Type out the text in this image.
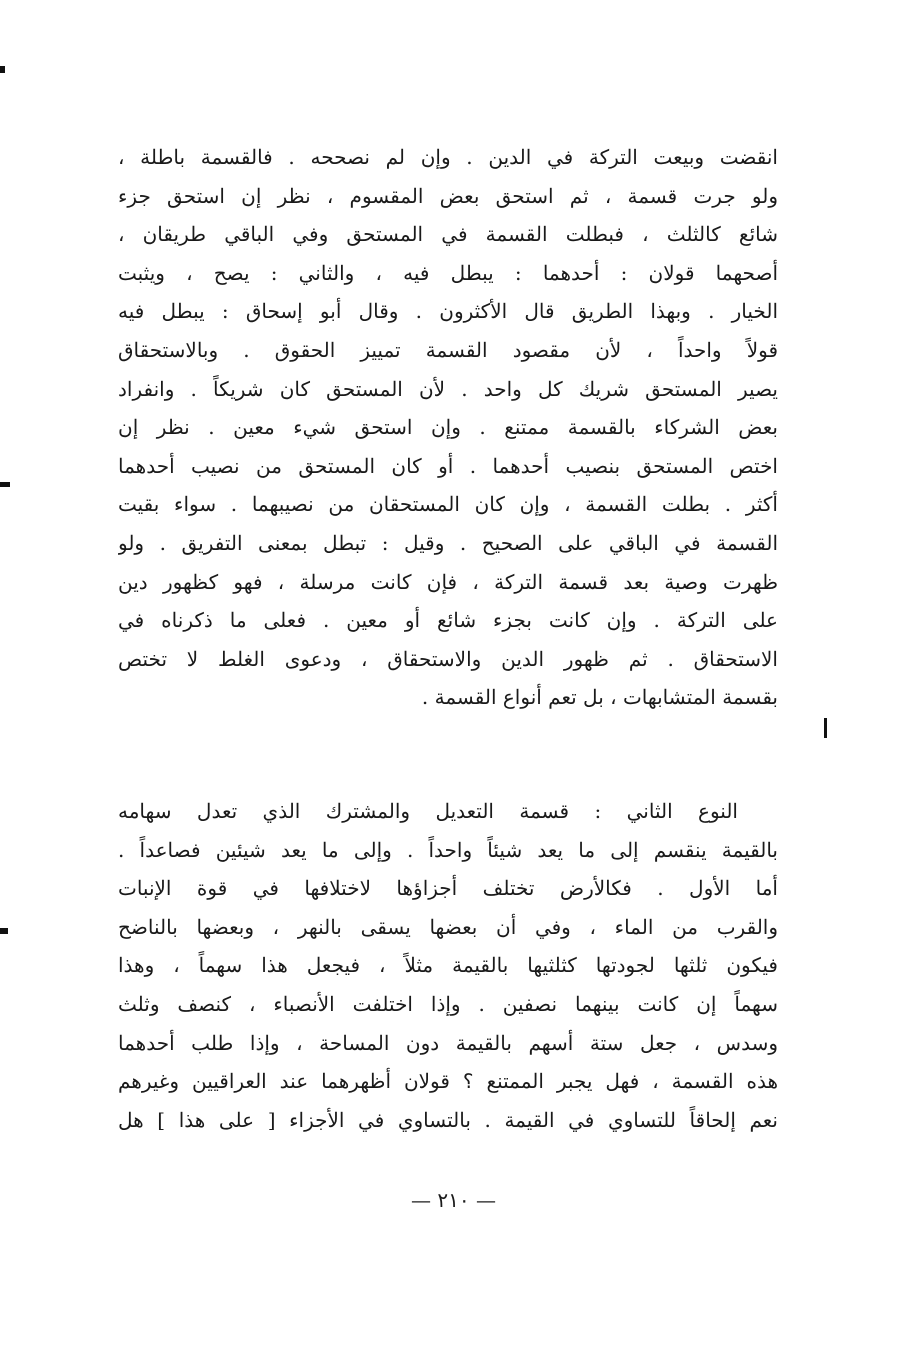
انقضت وبيعت التركة في الدين . وإن لم نصححه . فالقسمة باطلة ،
ولو جرت قسمة ، ثم استحق بعض المقسوم ، نظر إن استحق جزء
شائع كالثلث ، فبطلت القسمة في المستحق وفي الباقي طريقان ،
أصحهما قولان : أحدهما : يبطل فيه ، والثاني : يصح ، ويثبت
الخيار . وبهذا الطريق قال الأكثرون . وقال أبو إسحاق : يبطل فيه
قولاً واحداً ، لأن مقصود القسمة تمييز الحقوق . وبالاستحقاق
يصير المستحق شريك كل واحد . لأن المستحق كان شريكاً . وانفراد
بعض الشركاء بالقسمة ممتنع . وإن استحق شيء معين . نظر إن
اختص المستحق بنصيب أحدهما . أو كان المستحق من نصيب أحدهما
أكثر . بطلت القسمة ، وإن كان المستحقان من نصيبهما . سواء بقيت
القسمة في الباقي على الصحيح . وقيل : تبطل بمعنى التفريق . ولو
ظهرت وصية بعد قسمة التركة ، فإن كانت مرسلة ، فهو كظهور دين
على التركة . وإن كانت بجزء شائع أو معين . فعلى ما ذكرناه في
الاستحقاق . ثم ظهور الدين والاستحقاق ، ودعوى الغلط لا تختص
بقسمة المتشابهات ، بل تعم أنواع القسمة .
النوع الثاني : قسمة التعديل والمشترك الذي تعدل سهامه
بالقيمة ينقسم إلى ما يعد شيئاً واحداً . وإلى ما يعد شيئين فصاعداً .
أما الأول . فكالأرض تختلف أجزاؤها لاختلافها في قوة الإنبات
والقرب من الماء ، وفي أن بعضها يسقى بالنهر ، وبعضها بالناضح
فيكون ثلثها لجودتها كثلثيها بالقيمة مثلاً ، فيجعل هذا سهماً ، وهذا
سهماً إن كانت بينهما نصفين . وإذا اختلفت الأنصباء ، كنصف وثلث
وسدس ، جعل ستة أسهم بالقيمة دون المساحة ، وإذا طلب أحدهما
هذه القسمة ، فهل يجبر الممتنع ؟ قولان أظهرهما عند العراقيين وغيرهم
نعم إلحاقاً للتساوي في القيمة . بالتساوي في الأجزاء [ على هذا ] هل
— ٢١٠ —
